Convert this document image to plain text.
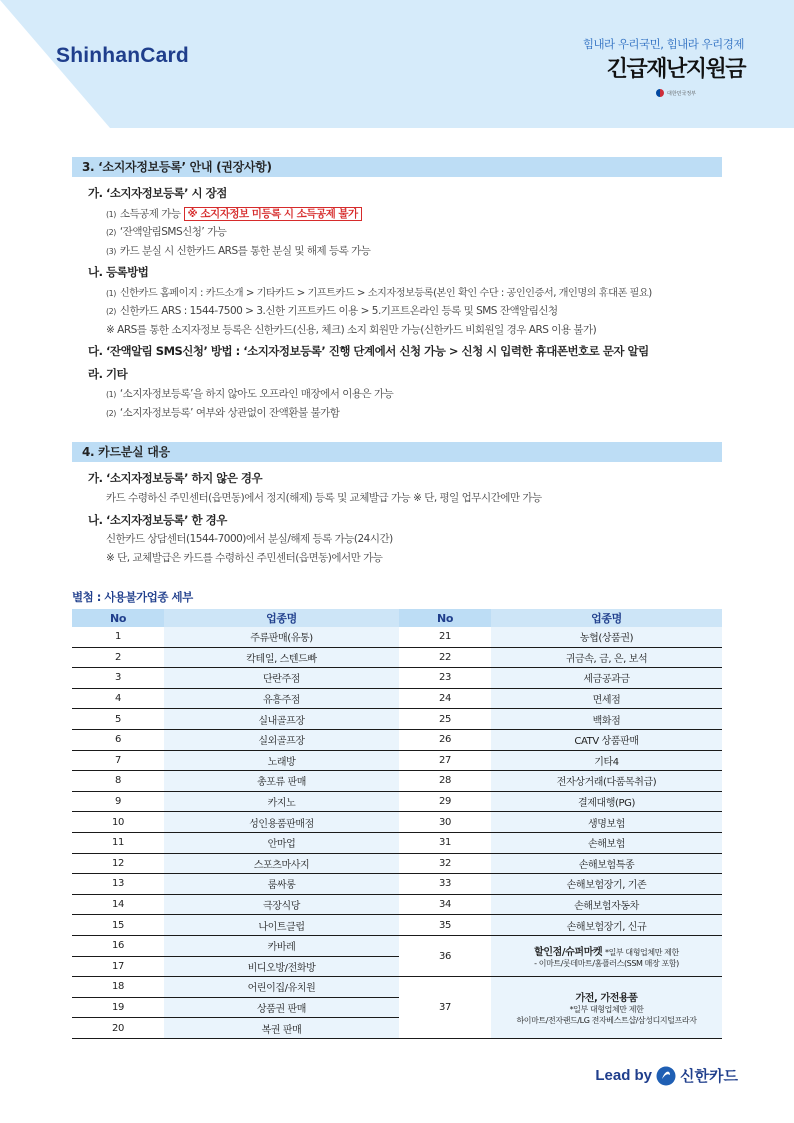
ShinhanCard	힘내라 우리국민, 힘내라 우리경제
긴급재난지원금
대한민국정부
3. ‘소지자정보등록’ 안내 (권장사항)
가. ‘소지자정보등록’ 시 장점
(1) 소득공제 가능 ※ 소지자정보 미등록 시 소득공제 불가
(2) ‘잔액알림SMS신청’ 가능
(3) 카드 분실 시 신한카드 ARS를 통한 분실 및 해제 등록 가능
나. 등록방법
(1) 신한카드 홈페이지 : 카드소개 > 기타카드 > 기프트카드 > 소지자정보등록(본인 확인 수단 : 공인인증서, 개인명의 휴대폰 필요)
(2) 신한카드 ARS : 1544-7500 > 3.신한 기프트카드 이용 > 5.기프트온라인 등록 및 SMS 잔액알림신청
※ ARS를 통한 소지자정보 등록은 신한카드(신용, 체크) 소지 회원만 가능(신한카드 비회원일 경우 ARS 이용 불가)
다. ‘잔액알림 SMS신청’ 방법 : ‘소지자정보등록’ 진행 단계에서 신청 가능 > 신청 시 입력한 휴대폰번호로 문자 알림
라. 기타
(1) ‘소지자정보등록’을 하지 않아도 오프라인 매장에서 이용은 가능
(2) ‘소지자정보등록’ 여부와 상관없이 잔액환불 불가함
4. 카드분실 대응
가. ‘소지자정보등록’ 하지 않은 경우
카드 수령하신 주민센터(읍면동)에서 정지(해제) 등록 및 교체발급 가능 ※ 단, 평일 업무시간에만 가능
나. ‘소지자정보등록’ 한 경우
신한카드 상담센터(1544-7000)에서 분실/해제 등록 가능(24시간)
※ 단, 교체발급은 카드를 수령하신 주민센터(읍면동)에서만 가능
별첨 : 사용불가업종 세부
No	업종명	No	업종명
1	주류판매(유통)	21	농협(상품권)
2	칵테일, 스텐드빠	22	귀금속, 금, 은, 보석
3	단란주점	23	세금공과금
4	유흥주점	24	면세점
5	실내골프장	25	백화점
6	실외골프장	26	CATV 상품판매
7	노래방	27	기타4
8	총포류 판매	28	전자상거래(다품목취급)
9	카지노	29	결제대행(PG)
10	성인용품판매점	30	생명보험
11	안마업	31	손해보험
12	스포츠마사지	32	손해보험특종
13	룸싸롱	33	손해보험장기, 기존
14	극장식당	34	손해보험자동차
15	나이트클럽	35	손해보험장기, 신규
16	카바레	36	할인점/슈퍼마켓 *일부 대형업체만 제한
- 이마트/롯데마트/홈플러스(SSM 매장 포함)

17	비디오방/전화방		
18	어린이집/유치원	37	가전, 가전용품
*일부 대형업체만 제한
하이마트/전자랜드/LG 전자베스트샵/삼성디지털프라자

19	상품권 판매		
20	복권 판매		
Lead by 신한카드
